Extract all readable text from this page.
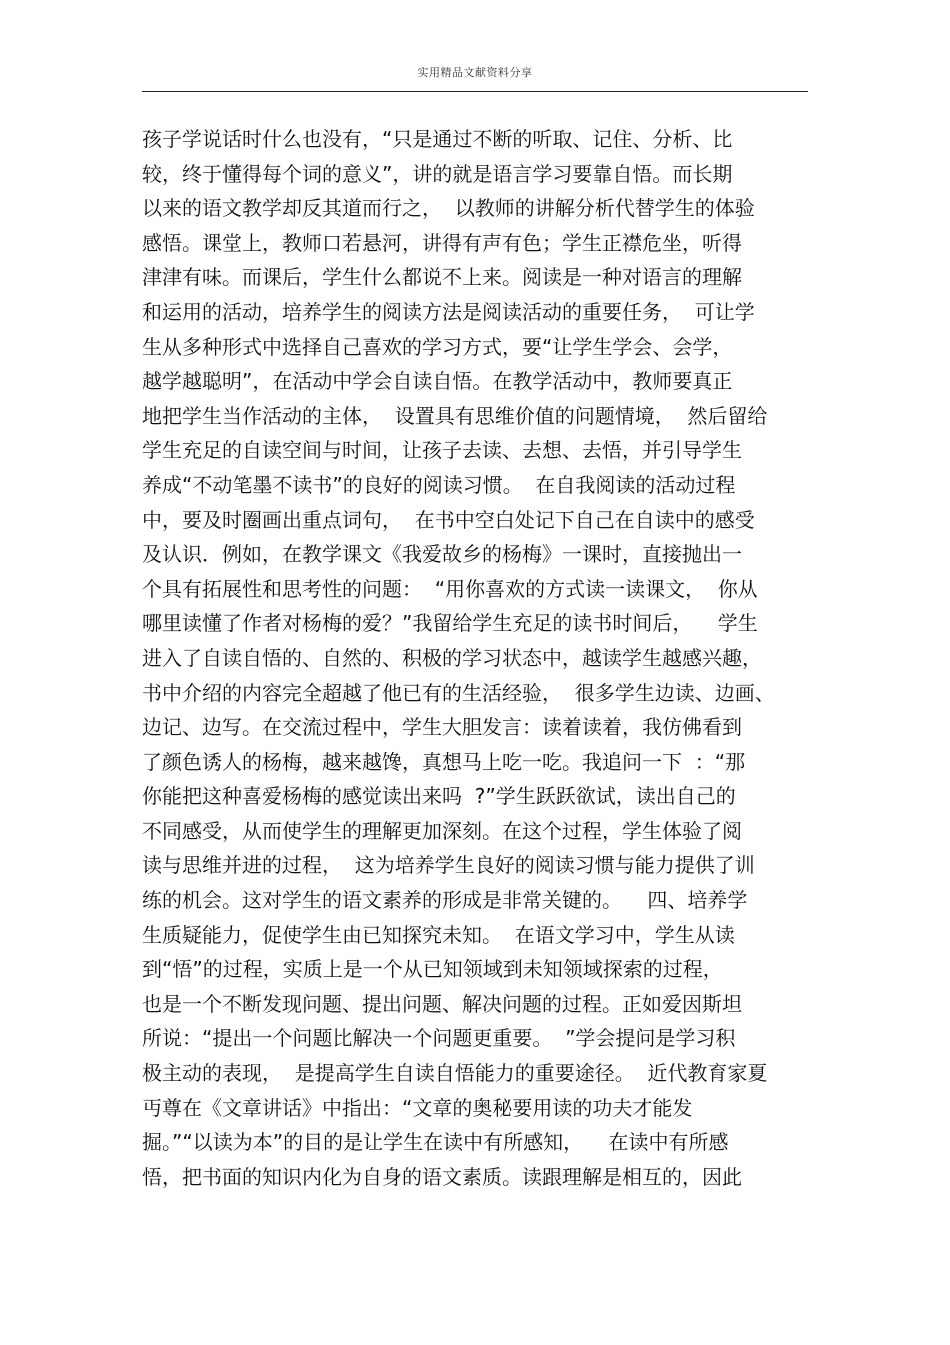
实用精品文献资料分享
孩子学说话时什么也没有，“只是通过不断的听取、记住、分析、比
较，终于懂得每个词的意义”，讲的就是语言学习要靠自悟。而长期
以来的语文教学却反其道而行之，  以教师的讲解分析代替学生的体验
感悟。课堂上，教师口若悬河，讲得有声有色；学生正襟危坐，听得
津津有味。而课后，学生什么都说不上来。阅读是一种对语言的理解
和运用的活动，培养学生的阅读方法是阅读活动的重要任务，  可让学
生从多种形式中选择自己喜欢的学习方式，要“让学生学会、会学，
越学越聪明”，在活动中学会自读自悟。在教学活动中，教师要真正
地把学生当作活动的主体，  设置具有思维价值的问题情境，  然后留给
学生充足的自读空间与时间，让孩子去读、去想、去悟，并引导学生
养成“不动笔墨不读书”的良好的阅读习惯。  在自我阅读的活动过程
中，要及时圈画出重点词句，  在书中空白处记下自己在自读中的感受
及认识．例如，在教学课文《我爱故乡的杨梅》一课时，直接抛出一
个具有拓展性和思考性的问题：  “用你喜欢的方式读一读课文，  你从
哪里读懂了作者对杨梅的爱？”我留给学生充足的读书时间后，    学生
进入了自读自悟的、自然的、积极的学习状态中，越读学生越感兴趣，
书中介绍的内容完全超越了他已有的生活经验，  很多学生边读、边画、
边记、边写。在交流过程中，学生大胆发言：读着读着，我仿佛看到
了颜色诱人的杨梅，越来越馋，真想马上吃一吃。我追问一下  ：“那
你能把这种喜爱杨梅的感觉读出来吗  ?”学生跃跃欲试，读出自己的
不同感受，从而使学生的理解更加深刻。在这个过程，学生体验了阅
读与思维并进的过程，  这为培养学生良好的阅读习惯与能力提供了训
练的机会。这对学生的语文素养的形成是非常关键的。    四、培养学
生质疑能力，促使学生由已知探究未知。  在语文学习中，学生从读
到“悟”的过程，实质上是一个从已知领域到未知领域探索的过程，
也是一个不断发现问题、提出问题、解决问题的过程。正如爱因斯坦
所说：“提出一个问题比解决一个问题更重要。  ”学会提问是学习积
极主动的表现，  是提高学生自读自悟能力的重要途径。  近代教育家夏
丏尊在《文章讲话》中指出：“文章的奥秘要用读的功夫才能发
掘。”“以读为本”的目的是让学生在读中有所感知，    在读中有所感
悟，把书面的知识内化为自身的语文素质。读跟理解是相互的，因此
